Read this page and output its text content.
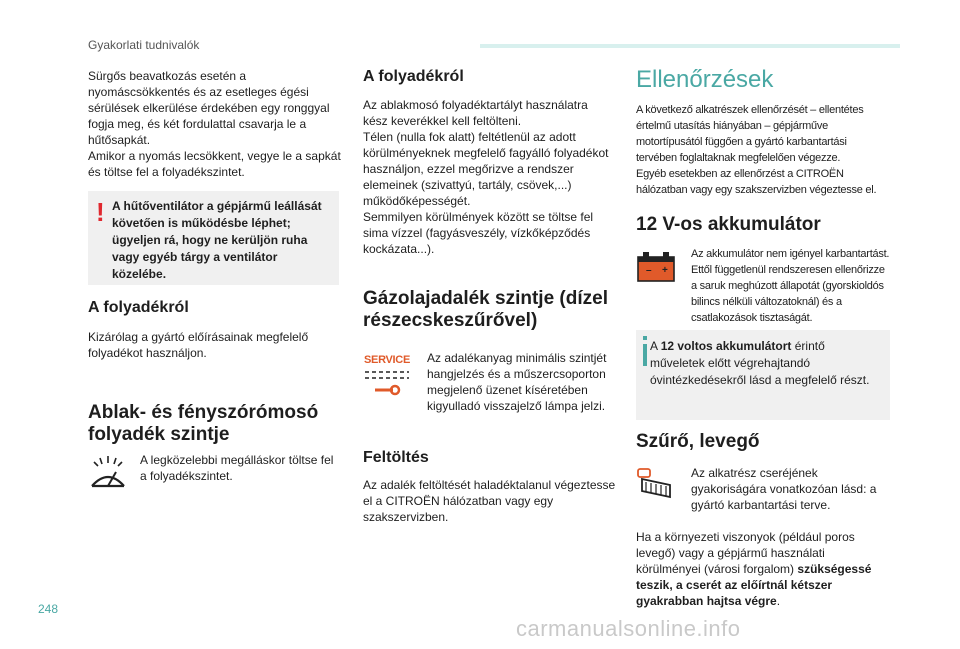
Gyakorlati tudnivalók

Sürgős beavatkozás esetén a

nyomáscsökkentés és az esetleges égési

sérülések elkerülése érdekében egy ronggyal

fogja meg, és két fordulattal csavarja le a

hűtősapkát.

Amikor a nyomás lecsökkent, vegye le a sapkát

és töltse fel a folyadékszintet.

! A hűtőventilátor a gépjármű leállását
követően is működésbe léphet;
ügyeljen rá, hogy ne kerüljön ruha
vagy egyéb tárgy a ventilátor közelébe.
A folyadékról

Kizárólag a gyártó előírásainak megfelelő

folyadékot használjon.

Ablak- és fényszórómosó

folyadék szintje

A legközelebbi megálláskor töltse fel

a folyadékszintet.

A folyadékról

Az ablakmosó folyadéktartályt használatra

kész keverékkel kell feltölteni.

Télen (nulla fok alatt) feltétlenül az adott

körülményeknek megfelelő fagyálló folyadékot

használjon, ezzel megőrizve a rendszer

elemeinek (szivattyú, tartály, csövek,...)

működőképességét.

Semmilyen körülmények között se töltse fel

sima vízzel (fagyásveszély, vízkőképződés

kockázata...).

Gázolajadalék szintje (dízel

részecskeszűrővel)

SERVICE Az adalékanyag minimális szintjét

hangjelzés és a műszercsoporton

megjelenő üzenet kíséretében

kigyulladó visszajelző lámpa jelzi.

Feltöltés

Az adalék feltöltését haladéktalanul végeztesse

el a CITROËN hálózatban vagy egy

szakszervizben.

Ellenőrzések

A következő alkatrészek ellenőrzését – ellentétes

értelmű utasítás hiányában – gépjárműve

motortípusától függően a gyártó karbantartási

tervében foglaltaknak megfelelően végezze.

Egyéb esetekben az ellenőrzést a CITROËN

hálózatban vagy egy szakszervizben végeztesse el.

12 V-os akkumulátor
– +

Az akkumulátor nem igényel karbantartást.

Ettől függetlenül rendszeresen ellenőrizze

a saruk meghúzott állapotát (gyorskioldós

bilincs nélküli változatoknál) és a

csatlakozások tisztaságát.

A 12 voltos akkumulátort érintő
műveletek előtt végrehajtandó
óvintézkedésekről lásd a megfelelő részt.
Szűrő, levegő

Az alkatrész cseréjének

gyakoriságára vonatkozóan lásd: a

gyártó karbantartási terve.

Ha a környezeti viszonyok (például poros

levegő) vagy a gépjármű használati

körülményei (városi forgalom) szükségessé

teszik, a cserét az előírtnál kétszer

gyakrabban hajtsa végre.

248
carmanualsonline.info
